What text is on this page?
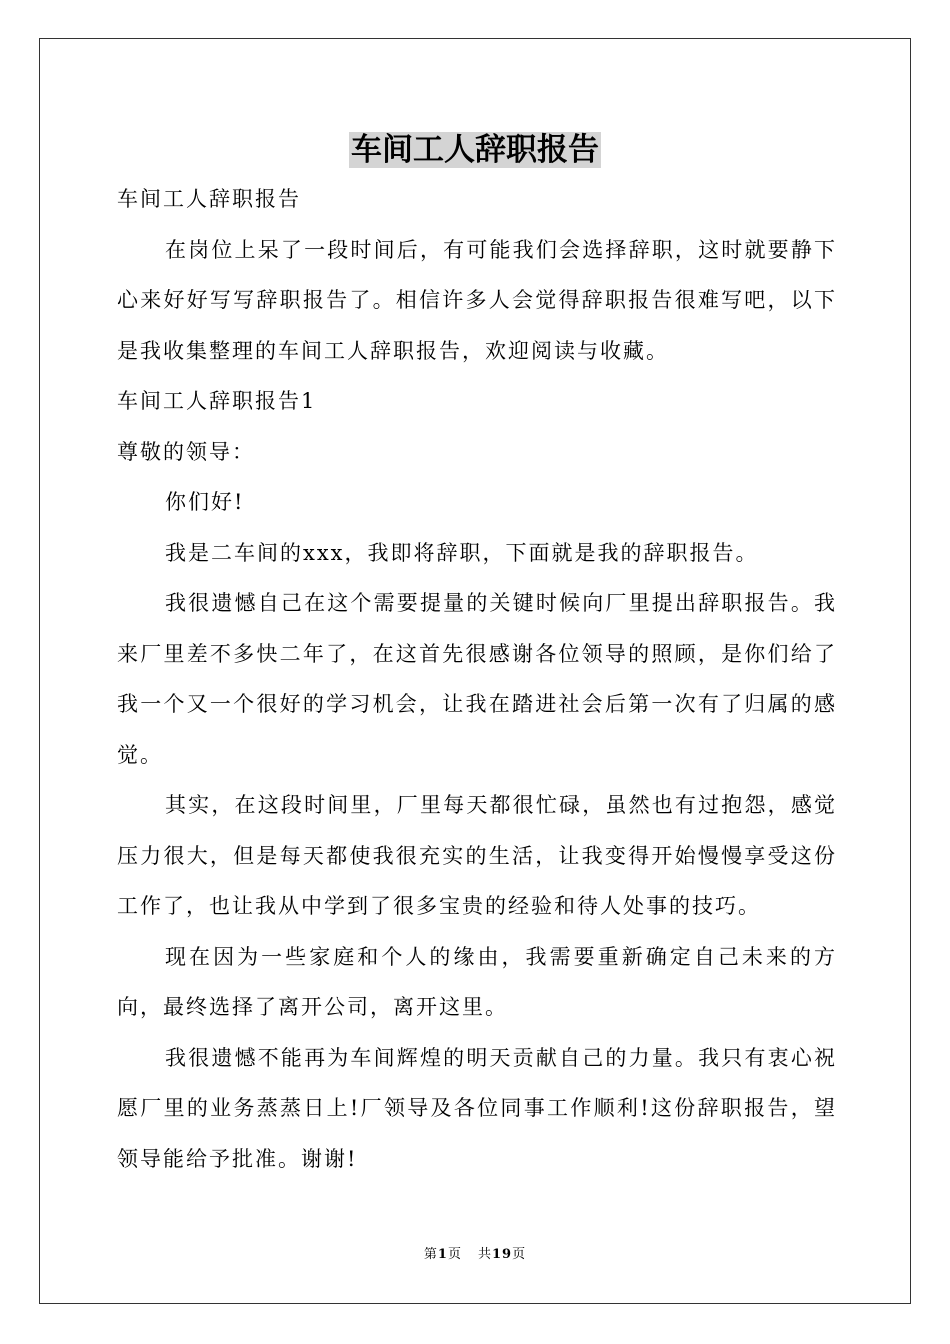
车间工人辞职报告

车间工人辞职报告

在岗位上呆了一段时间后，有可能我们会选择辞职，这时就要静下心来好好写写辞职报告了。相信许多人会觉得辞职报告很难写吧，以下是我收集整理的车间工人辞职报告，欢迎阅读与收藏。

车间工人辞职报告1

尊敬的领导：

你们好!

我是二车间的xxx，我即将辞职，下面就是我的辞职报告。

我很遗憾自己在这个需要提量的关键时候向厂里提出辞职报告。我来厂里差不多快二年了，在这首先很感谢各位领导的照顾，是你们给了我一个又一个很好的学习机会，让我在踏进社会后第一次有了归属的感觉。

其实，在这段时间里，厂里每天都很忙碌，虽然也有过抱怨，感觉压力很大，但是每天都使我很充实的生活，让我变得开始慢慢享受这份工作了，也让我从中学到了很多宝贵的经验和待人处事的技巧。

现在因为一些家庭和个人的缘由，我需要重新确定自己未来的方向，最终选择了离开公司，离开这里。

我很遗憾不能再为车间辉煌的明天贡献自己的力量。我只有衷心祝愿厂里的业务蒸蒸日上!厂领导及各位同事工作顺利!这份辞职报告，望领导能给予批准。谢谢!

第1页 共19页
